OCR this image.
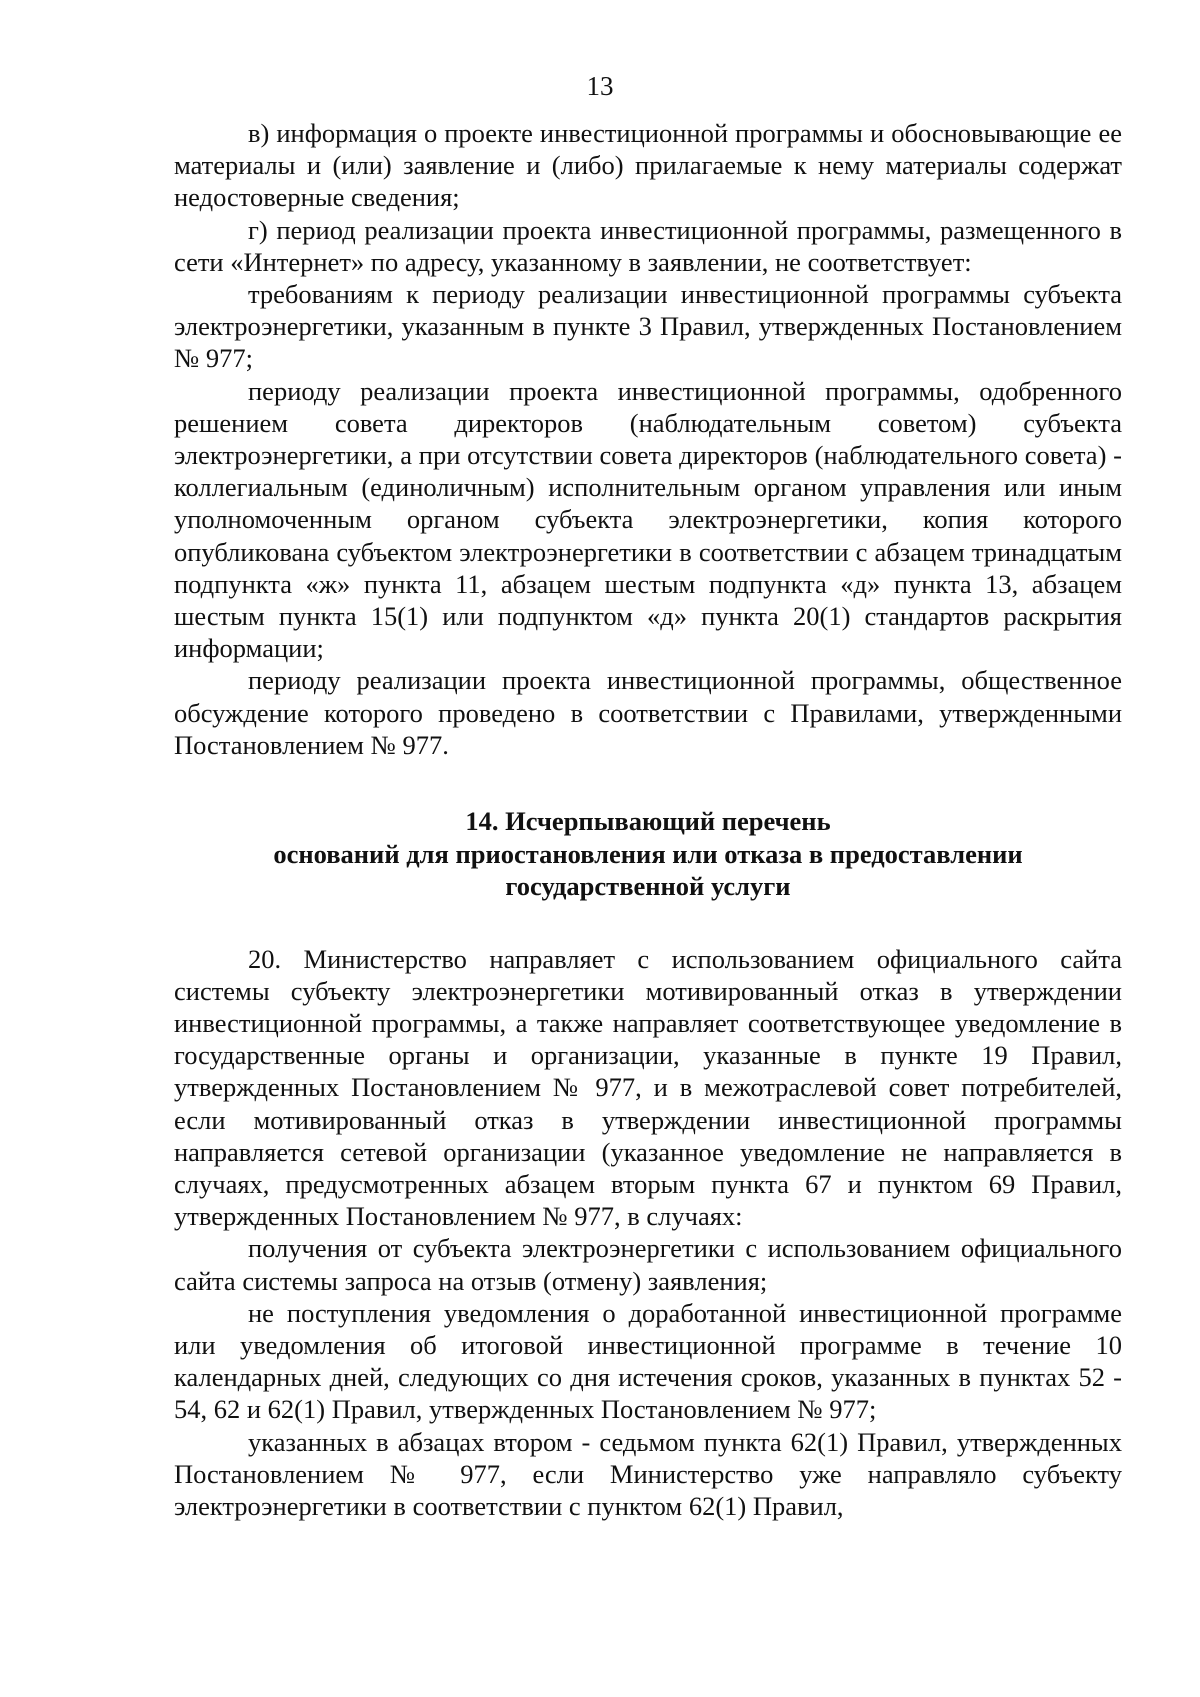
13

в) информация о проекте инвестиционной программы и обосновывающие ее материалы и (или) заявление и (либо) прилагаемые к нему материалы содержат недостоверные сведения;

г) период реализации проекта инвестиционной программы, размещенного в сети «Интернет» по адресу, указанному в заявлении, не соответствует:

требованиям к периоду реализации инвестиционной программы субъекта электроэнергетики, указанным в пункте 3 Правил, утвержденных Постановлением № 977;

периоду реализации проекта инвестиционной программы, одобренного решением совета директоров (наблюдательным советом) субъекта электроэнергетики, а при отсутствии совета директоров (наблюдательного совета) - коллегиальным (единоличным) исполнительным органом управления или иным уполномоченным органом субъекта электроэнергетики, копия которого опубликована субъектом электроэнергетики в соответствии с абзацем тринадцатым подпункта «ж» пункта 11, абзацем шестым подпункта «д» пункта 13, абзацем шестым пункта 15(1) или подпунктом «д» пункта 20(1) стандартов раскрытия информации;

периоду реализации проекта инвестиционной программы, общественное обсуждение которого проведено в соответствии с Правилами, утвержденными Постановлением № 977.

14. Исчерпывающий перечень
оснований для приостановления или отказа в предоставлении
государственной услуги

20. Министерство направляет с использованием официального сайта системы субъекту электроэнергетики мотивированный отказ в утверждении инвестиционной программы, а также направляет соответствующее уведомление в государственные органы и организации, указанные в пункте 19 Правил, утвержденных Постановлением № 977, и в межотраслевой совет потребителей, если мотивированный отказ в утверждении инвестиционной программы направляется сетевой организации (указанное уведомление не направляется в случаях, предусмотренных абзацем вторым пункта 67 и пунктом 69 Правил, утвержденных Постановлением № 977, в случаях:

получения от субъекта электроэнергетики с использованием официального сайта системы запроса на отзыв (отмену) заявления;

не поступления уведомления о доработанной инвестиционной программе или уведомления об итоговой инвестиционной программе в течение 10 календарных дней, следующих со дня истечения сроков, указанных в пунктах 52 - 54, 62 и 62(1) Правил, утвержденных Постановлением № 977;

указанных в абзацах втором - седьмом пункта 62(1) Правил, утвержденных Постановлением № 977, если Министерство уже направляло субъекту электроэнергетики в соответствии с пунктом 62(1) Правил,
